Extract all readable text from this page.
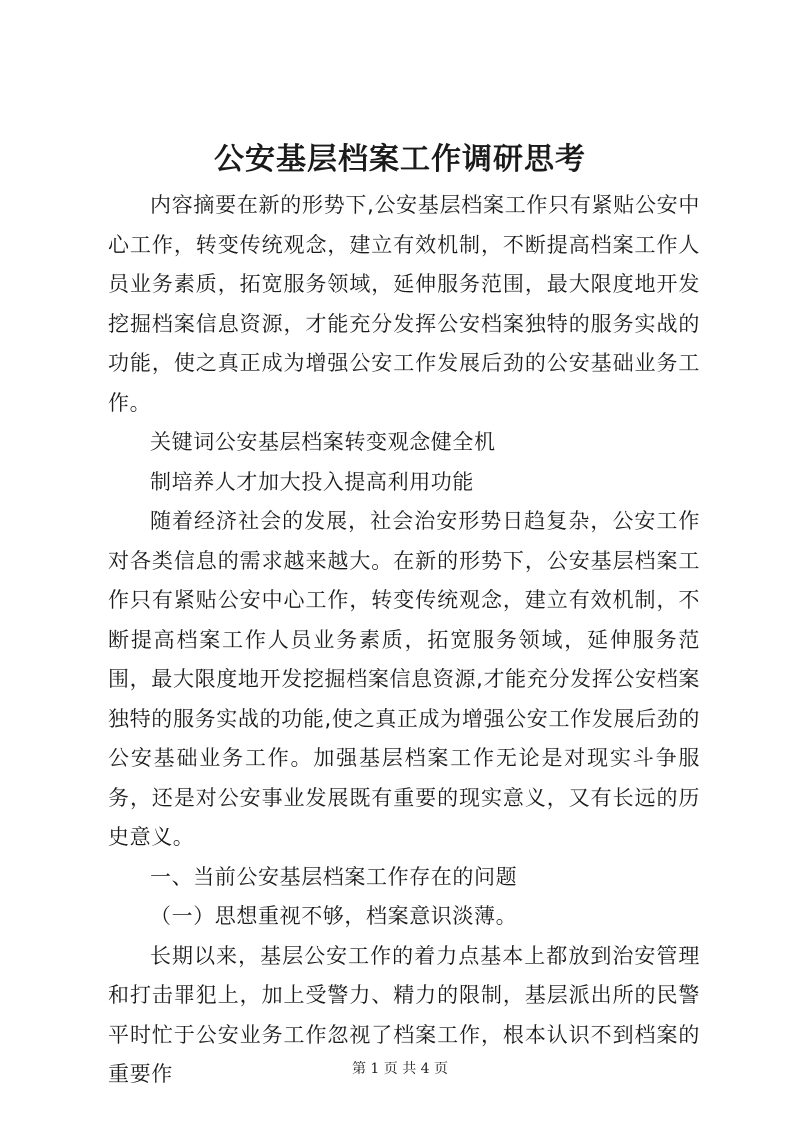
公安基层档案工作调研思考

内容摘要在新的形势下,公安基层档案工作只有紧贴公安中心工作，转变传统观念，建立有效机制，不断提高档案工作人员业务素质，拓宽服务领域，延伸服务范围，最大限度地开发挖掘档案信息资源，才能充分发挥公安档案独特的服务实战的功能，使之真正成为增强公安工作发展后劲的公安基础业务工作。

关键词公安基层档案转变观念健全机

制培养人才加大投入提高利用功能

随着经济社会的发展，社会治安形势日趋复杂，公安工作对各类信息的需求越来越大。在新的形势下，公安基层档案工作只有紧贴公安中心工作，转变传统观念，建立有效机制，不断提高档案工作人员业务素质，拓宽服务领域，延伸服务范围，最大限度地开发挖掘档案信息资源,才能充分发挥公安档案独特的服务实战的功能,使之真正成为增强公安工作发展后劲的公安基础业务工作。加强基层档案工作无论是对现实斗争服务，还是对公安事业发展既有重要的现实意义，又有长远的历史意义。

一、当前公安基层档案工作存在的问题

（一）思想重视不够，档案意识淡薄。

长期以来，基层公安工作的着力点基本上都放到治安管理和打击罪犯上，加上受警力、精力的限制，基层派出所的民警平时忙于公安业务工作忽视了档案工作，根本认识不到档案的重要作	第 1 页 共 4 页
